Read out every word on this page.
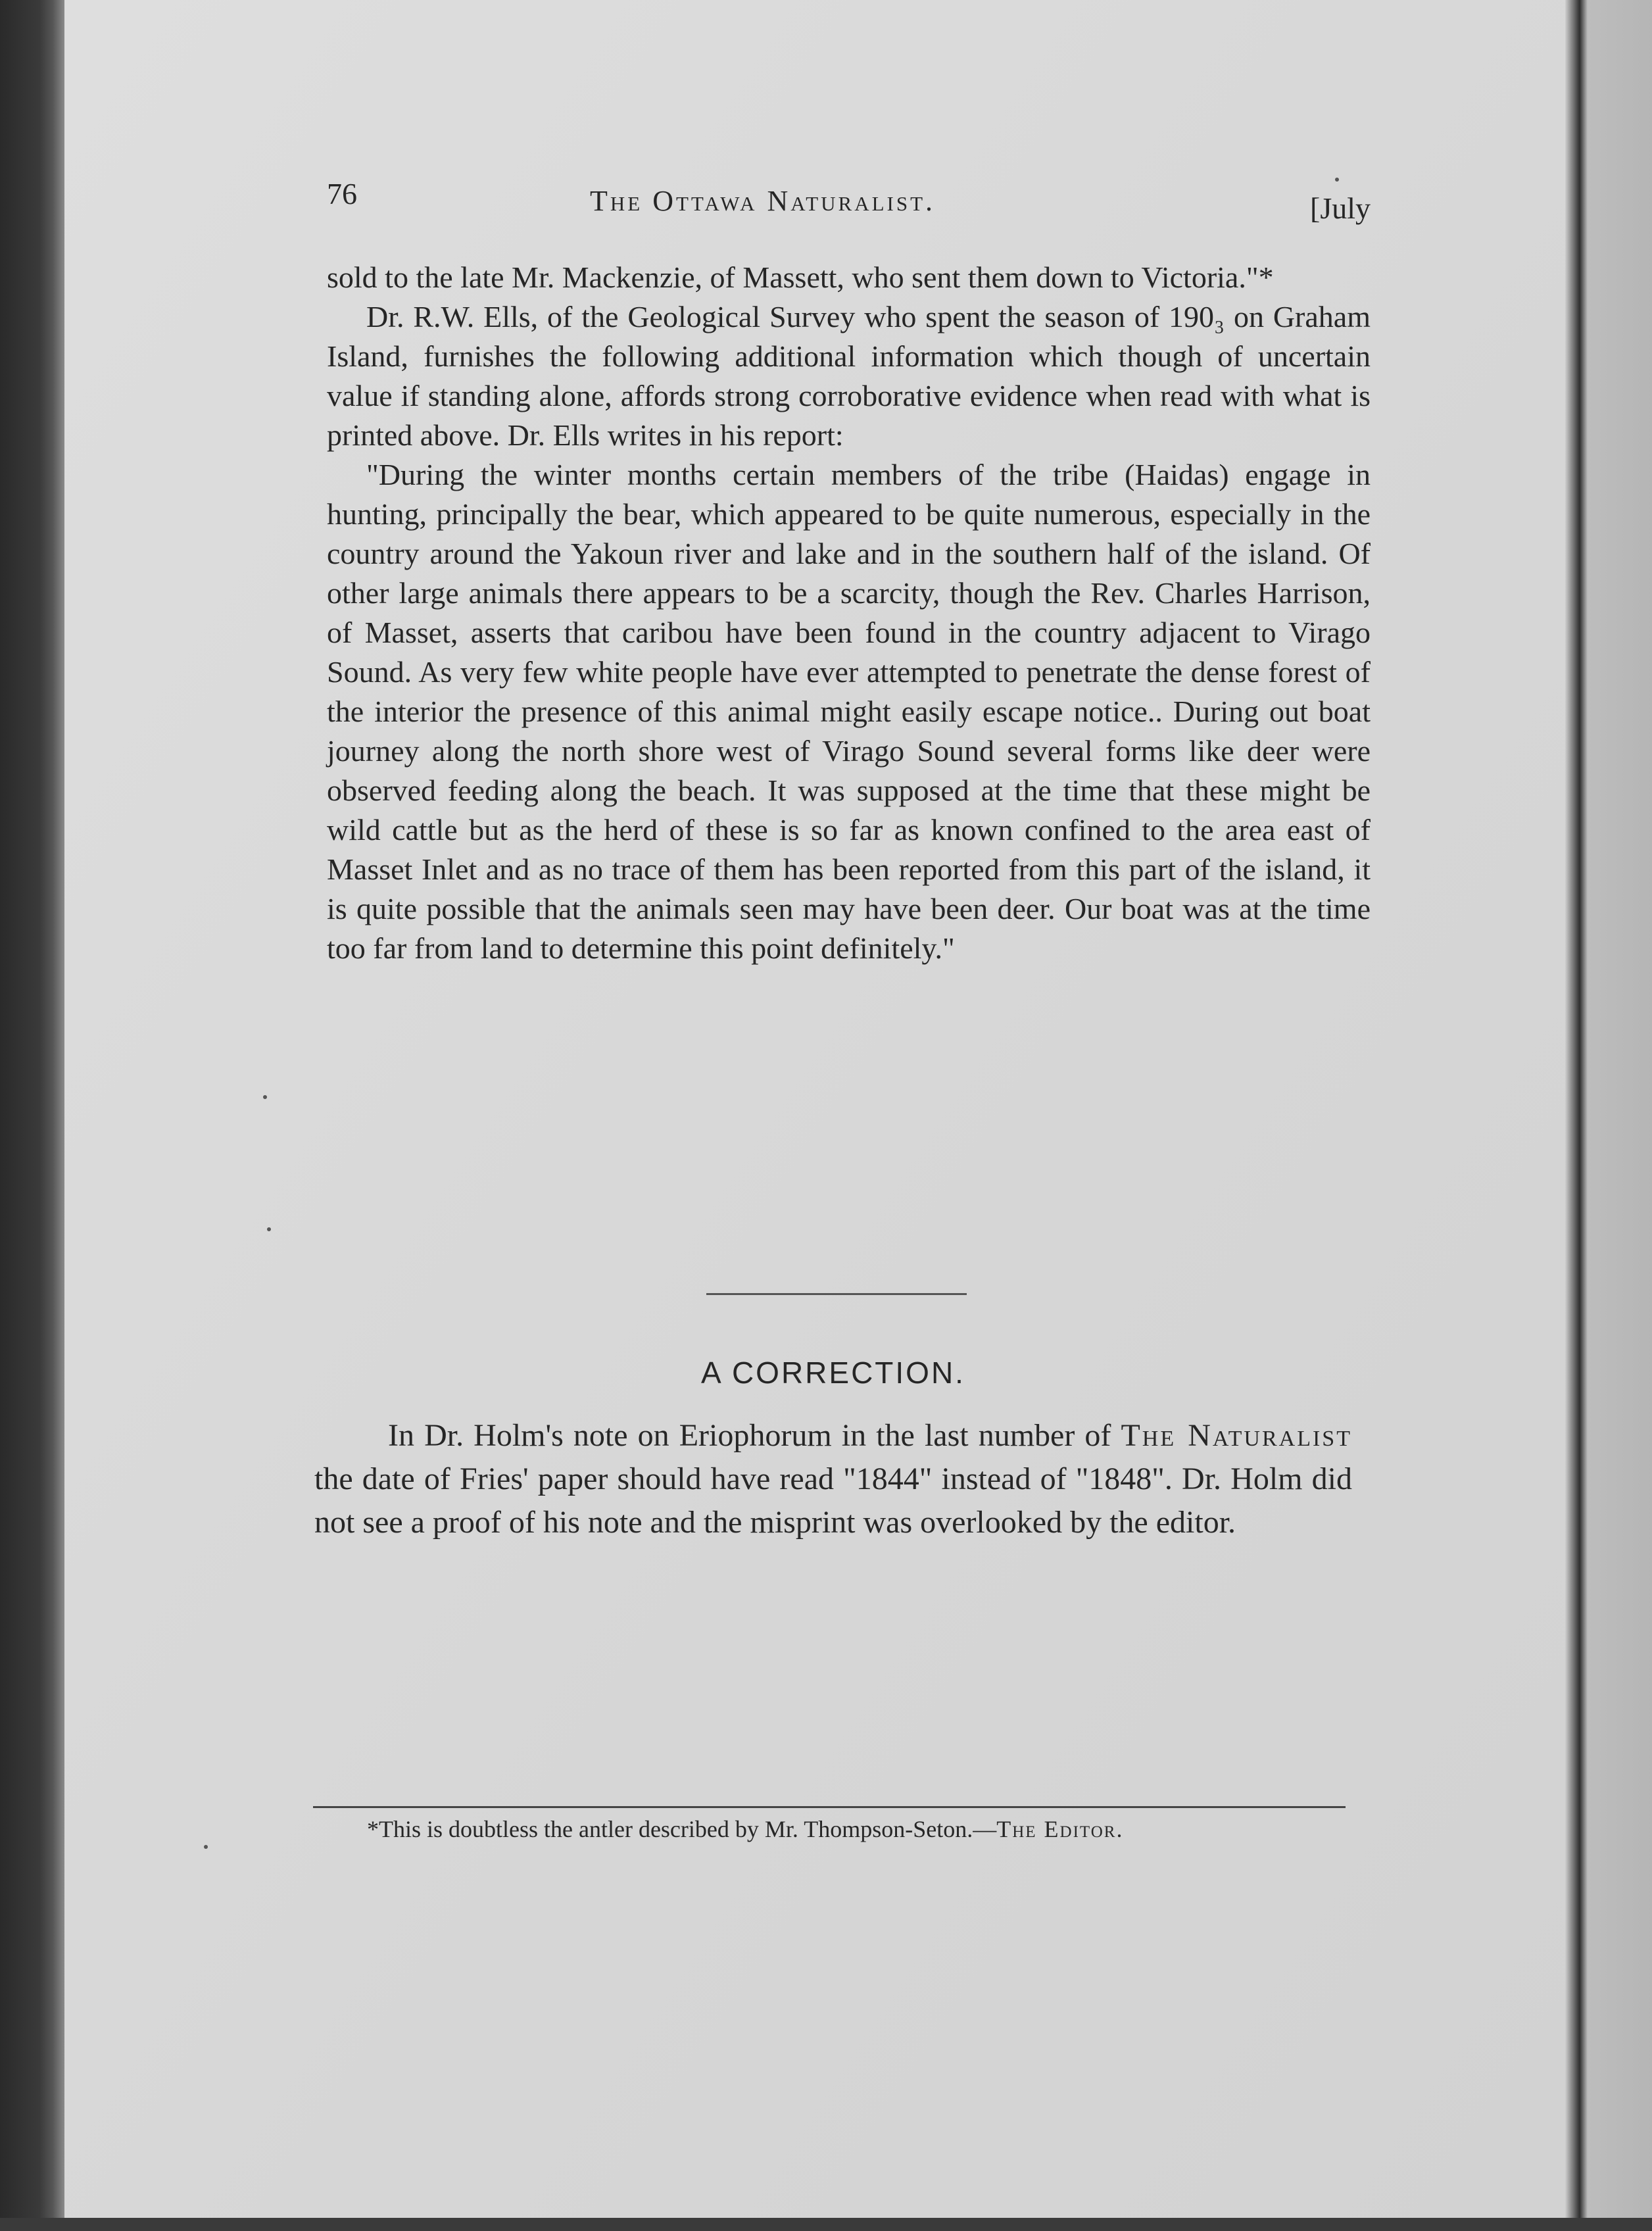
76	The Ottawa Naturalist.	[July

sold to the late Mr. Mackenzie, of Massett, who sent them down to Victoria."*

Dr. R.W. Ells, of the Geological Survey who spent the season of 190₃ on Graham Island, furnishes the following additional information which though of uncertain value if standing alone, affords strong corroborative evidence when read with what is printed above. Dr. Ells writes in his report:

"During the winter months certain members of the tribe (Haidas) engage in hunting, principally the bear, which appeared to be quite numerous, especially in the country around the Yakoun river and lake and in the southern half of the island. Of other large animals there appears to be a scarcity, though the Rev. Charles Harrison, of Masset, asserts that caribou have been found in the country adjacent to Virago Sound. As very few white people have ever attempted to penetrate the dense forest of the interior the presence of this animal might easily escape notice.. During out boat journey along the north shore west of Virago Sound several forms like deer were observed feeding along the beach. It was supposed at the time that these might be wild cattle but as the herd of these is so far as known confined to the area east of Masset Inlet and as no trace of them has been reported from this part of the island, it is quite possible that the animals seen may have been deer. Our boat was at the time too far from land to determine this point definitely."

A CORRECTION.
In Dr. Holm's note on Eriophorum in the last number of The Naturalist the date of Fries' paper should have read "1844" instead of "1848". Dr. Holm did not see a proof of his note and the misprint was overlooked by the editor.
*This is doubtless the antler described by Mr. Thompson-Seton.—The Editor.
